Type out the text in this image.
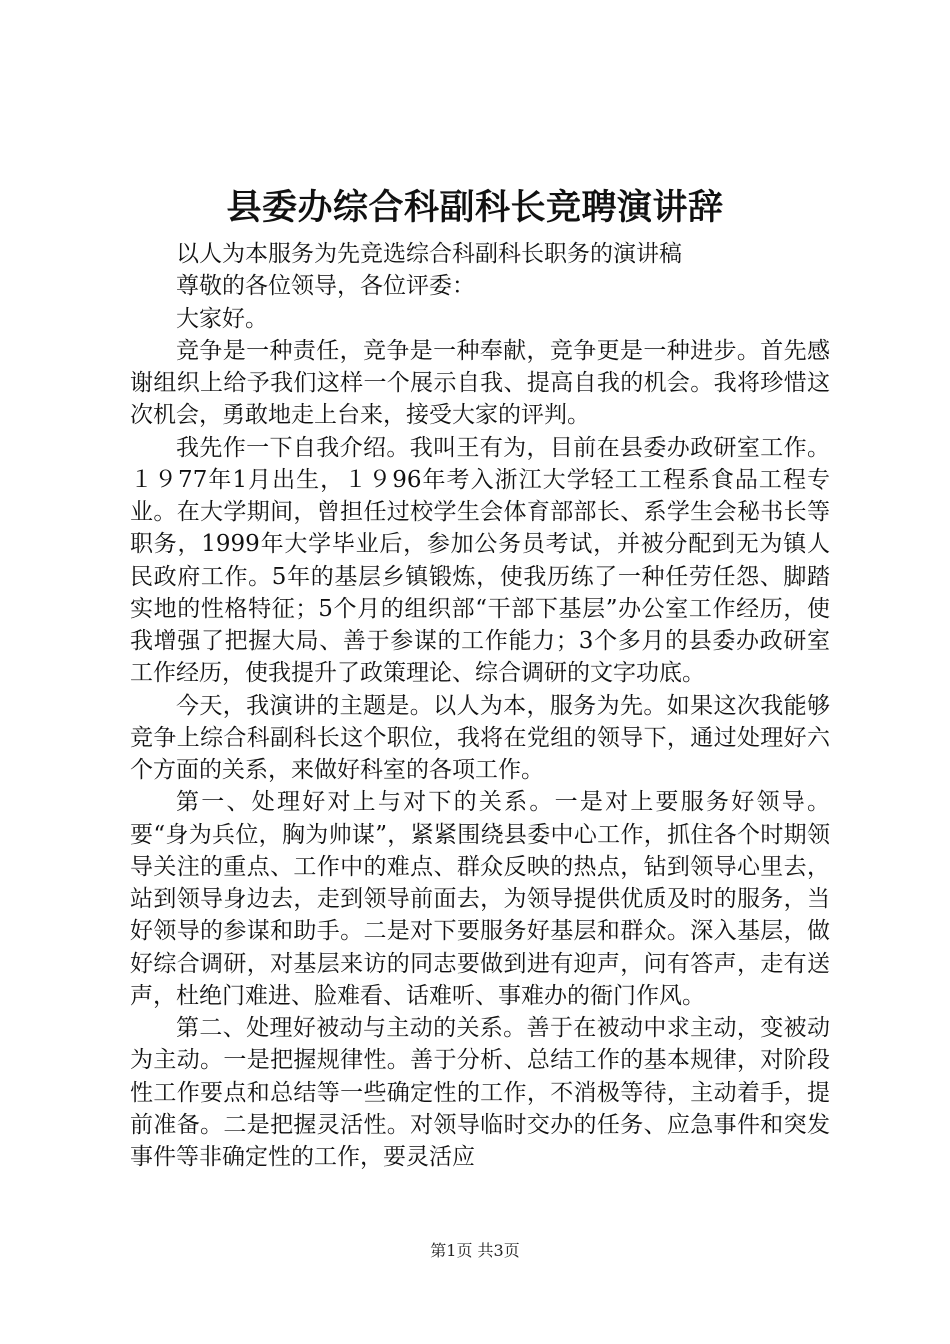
县委办综合科副科长竞聘演讲辞

以人为本服务为先竞选综合科副科长职务的演讲稿

尊敬的各位领导，各位评委：

大家好。

竞争是一种责任，竞争是一种奉献，竞争更是一种进步。首先感谢组织上给予我们这样一个展示自我、提高自我的机会。我将珍惜这次机会，勇敢地走上台来，接受大家的评判。

我先作一下自我介绍。我叫王有为，目前在县委办政研室工作。１９77年1月出生，１９96年考入浙江大学轻工工程系食品工程专业。在大学期间，曾担任过校学生会体育部部长、系学生会秘书长等职务，1999年大学毕业后，参加公务员考试，并被分配到无为镇人民政府工作。5年的基层乡镇锻炼，使我历练了一种任劳任怨、脚踏实地的性格特征；5个月的组织部“干部下基层”办公室工作经历，使我增强了把握大局、善于参谋的工作能力；3个多月的县委办政研室工作经历，使我提升了政策理论、综合调研的文字功底。

今天，我演讲的主题是。以人为本，服务为先。如果这次我能够竞争上综合科副科长这个职位，我将在党组的领导下，通过处理好六个方面的关系，来做好科室的各项工作。

第一、处理好对上与对下的关系。一是对上要服务好领导。要“身为兵位，胸为帅谋”，紧紧围绕县委中心工作，抓住各个时期领导关注的重点、工作中的难点、群众反映的热点，钻到领导心里去，站到领导身边去，走到领导前面去，为领导提供优质及时的服务，当好领导的参谋和助手。二是对下要服务好基层和群众。深入基层，做好综合调研，对基层来访的同志要做到进有迎声，问有答声，走有送声，杜绝门难进、脸难看、话难听、事难办的衙门作风。

第二、处理好被动与主动的关系。善于在被动中求主动，变被动为主动。一是把握规律性。善于分析、总结工作的基本规律，对阶段性工作要点和总结等一些确定性的工作，不消极等待，主动着手，提前准备。二是把握灵活性。对领导临时交办的任务、应急事件和突发事件等非确定性的工作，要灵活应

第1页 共3页
